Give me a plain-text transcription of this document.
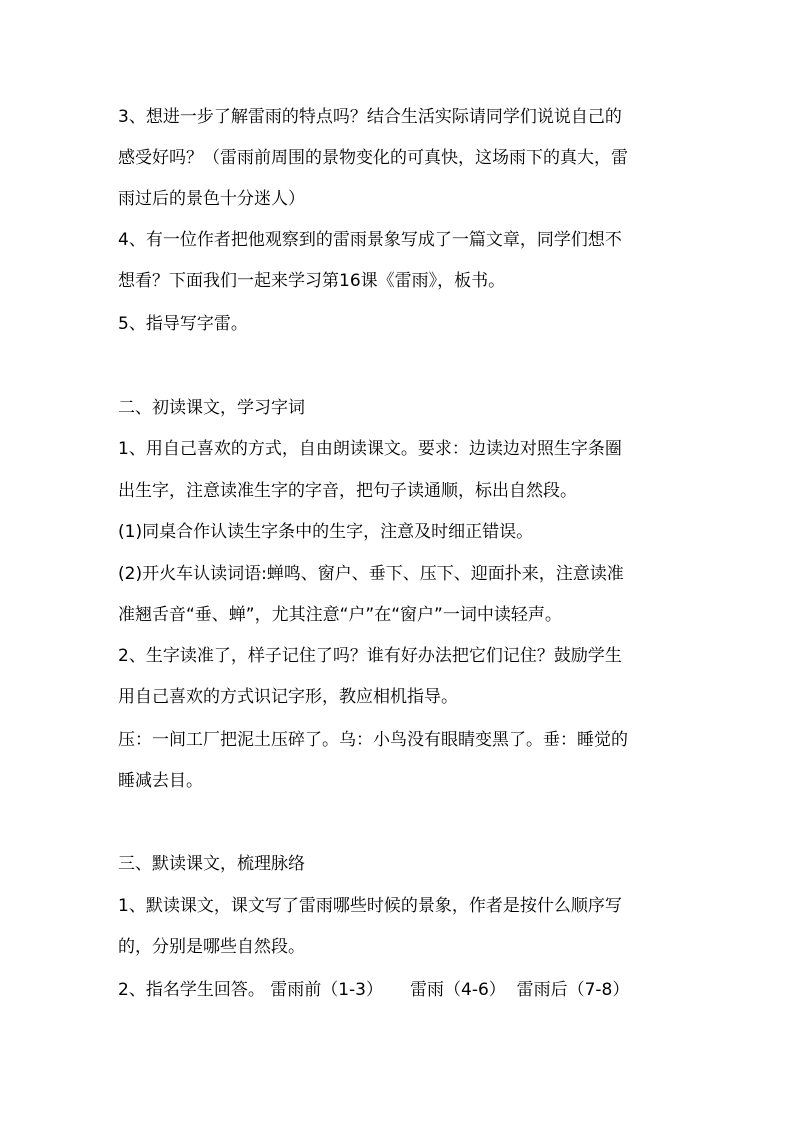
3、想进一步了解雷雨的特点吗？结合生活实际请同学们说说自己的
感受好吗？（雷雨前周围的景物变化的可真快，这场雨下的真大，雷
雨过后的景色十分迷人）
4、有一位作者把他观察到的雷雨景象写成了一篇文章，同学们想不
想看？下面我们一起来学习第16课《雷雨》，板书。
5、指导写字雷。
二、初读课文，学习字词
1、用自己喜欢的方式，自由朗读课文。要求：边读边对照生字条圈
出生字，注意读准生字的字音，把句子读通顺，标出自然段。
(1)同桌合作认读生字条中的生字，注意及时细正错误。
(2)开火车认读词语:蝉鸣、窗户、垂下、压下、迎面扑来，注意读准
准翘舌音“垂、蝉”，尤其注意“户”在“窗户”一词中读轻声。
2、生字读准了，样子记住了吗？谁有好办法把它们记住？鼓励学生
用自己喜欢的方式识记字形，教应相机指导。
压：一间工厂把泥土压碎了。乌：小鸟没有眼睛变黑了。垂：睡觉的
睡减去目。
三、默读课文，梳理脉络
1、默读课文，课文写了雷雨哪些时候的景象，作者是按什么顺序写
的，分别是哪些自然段。
2、指名学生回答。 雷雨前（1-3）     雷雨（4-6）  雷雨后（7-8）
